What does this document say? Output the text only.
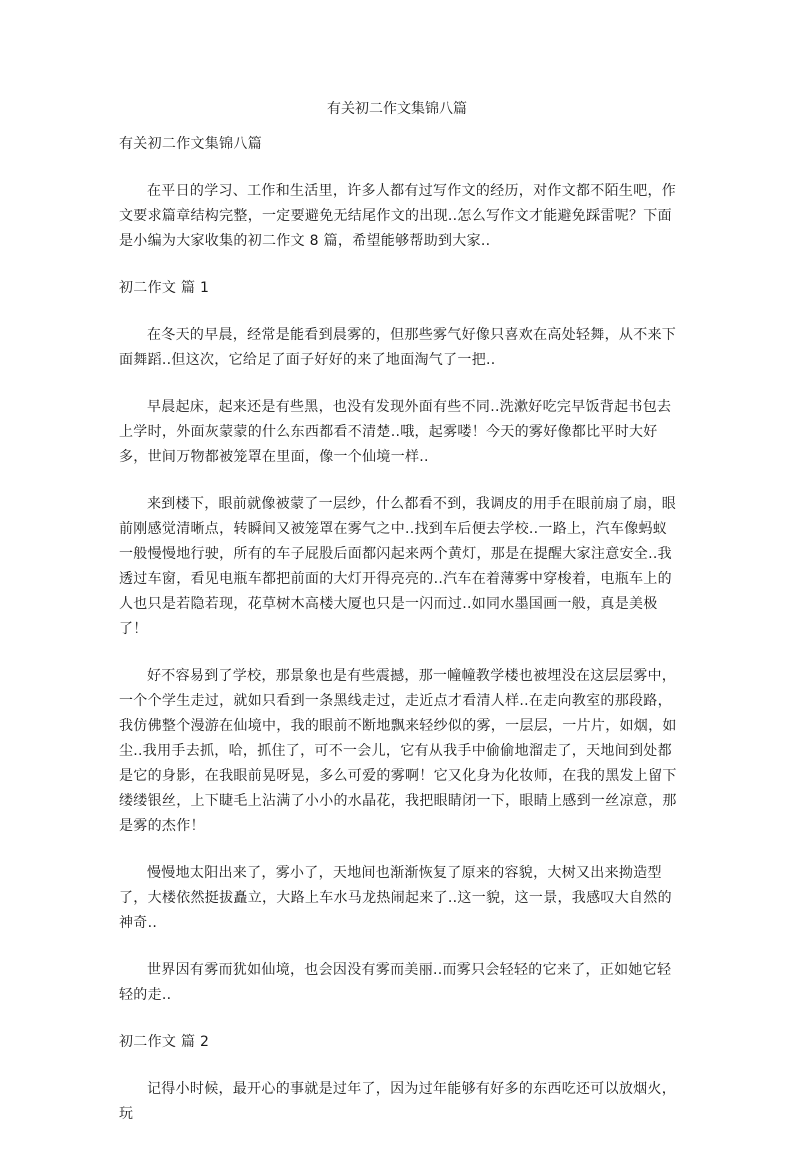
有关初二作文集锦八篇

有关初二作文集锦八篇

在平日的学习、工作和生活里，许多人都有过写作文的经历，对作文都不陌生吧，作文要求篇章结构完整，一定要避免无结尾作文的出现..怎么写作文才能避免踩雷呢？下面是小编为大家收集的初二作文 8 篇，希望能够帮助到大家..

初二作文 篇 1

在冬天的早晨，经常是能看到晨雾的，但那些雾气好像只喜欢在高处轻舞，从不来下面舞蹈..但这次，它给足了面子好好的来了地面淘气了一把..

早晨起床，起来还是有些黑，也没有发现外面有些不同..洗漱好吃完早饭背起书包去上学时，外面灰蒙蒙的什么东西都看不清楚..哦，起雾喽！今天的雾好像都比平时大好多，世间万物都被笼罩在里面，像一个仙境一样..

来到楼下，眼前就像被蒙了一层纱，什么都看不到，我调皮的用手在眼前扇了扇，眼前刚感觉清晰点，转瞬间又被笼罩在雾气之中..找到车后便去学校..一路上，汽车像蚂蚁一般慢慢地行驶，所有的车子屁股后面都闪起来两个黄灯，那是在提醒大家注意安全..我透过车窗，看见电瓶车都把前面的大灯开得亮亮的..汽车在着薄雾中穿梭着，电瓶车上的人也只是若隐若现，花草树木高楼大厦也只是一闪而过..如同水墨国画一般，真是美极了！

好不容易到了学校，那景象也是有些震撼，那一幢幢教学楼也被埋没在这层层雾中，一个个学生走过，就如只看到一条黑线走过，走近点才看清人样..在走向教室的那段路，我仿佛整个漫游在仙境中，我的眼前不断地飘来轻纱似的雾，一层层，一片片，如烟，如尘..我用手去抓，哈，抓住了，可不一会儿，它有从我手中偷偷地溜走了，天地间到处都是它的身影，在我眼前晃呀晃，多么可爱的雾啊！它又化身为化妆师，在我的黑发上留下缕缕银丝，上下睫毛上沾满了小小的水晶花，我把眼睛闭一下，眼睛上感到一丝凉意，那是雾的杰作！

慢慢地太阳出来了，雾小了，天地间也渐渐恢复了原来的容貌，大树又出来拗造型了，大楼依然挺拔矗立，大路上车水马龙热闹起来了..这一貌，这一景，我感叹大自然的神奇..

世界因有雾而犹如仙境，也会因没有雾而美丽..而雾只会轻轻的它来了，正如她它轻轻的走..

初二作文 篇 2

记得小时候，最开心的事就是过年了，因为过年能够有好多的东西吃还可以放烟火，玩
